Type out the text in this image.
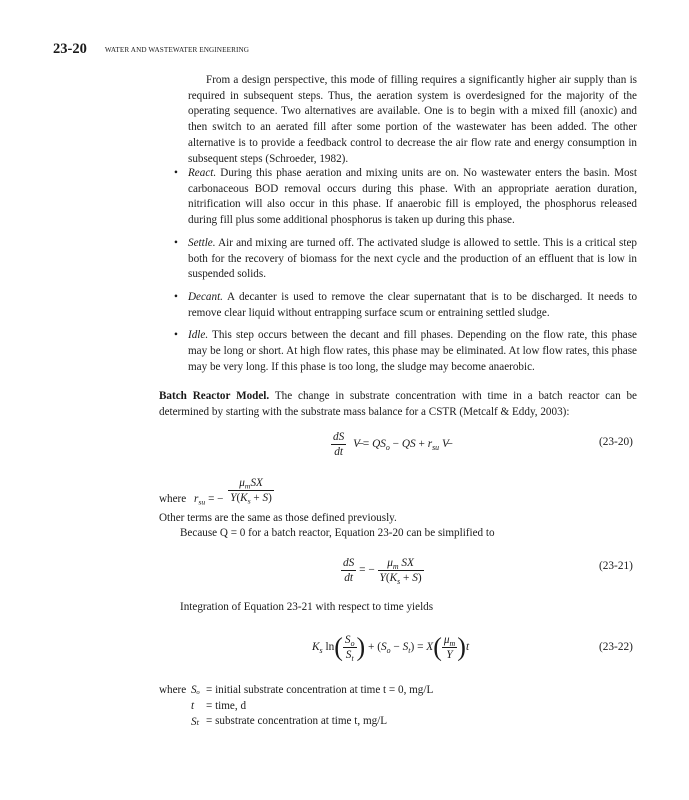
23-20	WATER AND WASTEWATER ENGINEERING

From a design perspective, this mode of filling requires a significantly higher air supply than is required in subsequent steps. Thus, the aeration system is overdesigned for the majority of the operating sequence. Two alternatives are available. One is to begin with a mixed fill (anoxic) and then switch to an aerated fill after some portion of the wastewater has been added. The other alternative is to provide a feedback control to decrease the air flow rate and energy consumption in subsequent steps (Schroeder, 1982).

• React. During this phase aeration and mixing units are on. No wastewater enters the basin. Most carbonaceous BOD removal occurs during this phase. With an appropriate aeration duration, nitrification will also occur in this phase. If anaerobic fill is employed, the phosphorus released during fill plus some additional phosphorus is taken up during this phase.
• Settle. Air and mixing are turned off. The activated sludge is allowed to settle. This is a critical step both for the recovery of biomass for the next cycle and the production of an effluent that is low in suspended solids.
• Decant. A decanter is used to remove the clear supernatant that is to be discharged. It needs to remove clear liquid without entrapping surface scum or entraining settled sludge.
• Idle. This step occurs between the decant and fill phases. Depending on the flow rate, this phase may be long or short. At high flow rates, this phase may be eliminated. At low flow rates, this phase may be very long. If this phase is too long, the sludge may become anaerobic.

Batch Reactor Model. The change in substrate concentration with time in a batch reactor can be determined by starting with the substrate mass balance for a CSTR (Metcalf & Eddy, 2003):

$\frac{dS}{dt}$ V̶ = $QS_o$ − QS + $r_{su}$ V̶	(23-20)
where $r_{su}$ = − $\frac{\mu_mSX}{Y(K_s + S)}$
Other terms are the same as those defined previously.
Because Q = 0 for a batch reactor, Equation 23-20 can be simplified to
$\frac{dS}{dt}$ = − $\frac{\mu_m SX}{Y(K_s + S)}$	(23-21)
Integration of Equation 23-21 with respect to time yields
$K_s$ $\ln( \frac{S_o}{S_t}$ ) + $(S_o - S_t) = X( \frac{\mu_m}{Y} )t$	(23-22)
where Sₒ = initial substrate concentration at time t = 0, mg/L
t = time, d
Sₜ = substrate concentration at time t, mg/L
